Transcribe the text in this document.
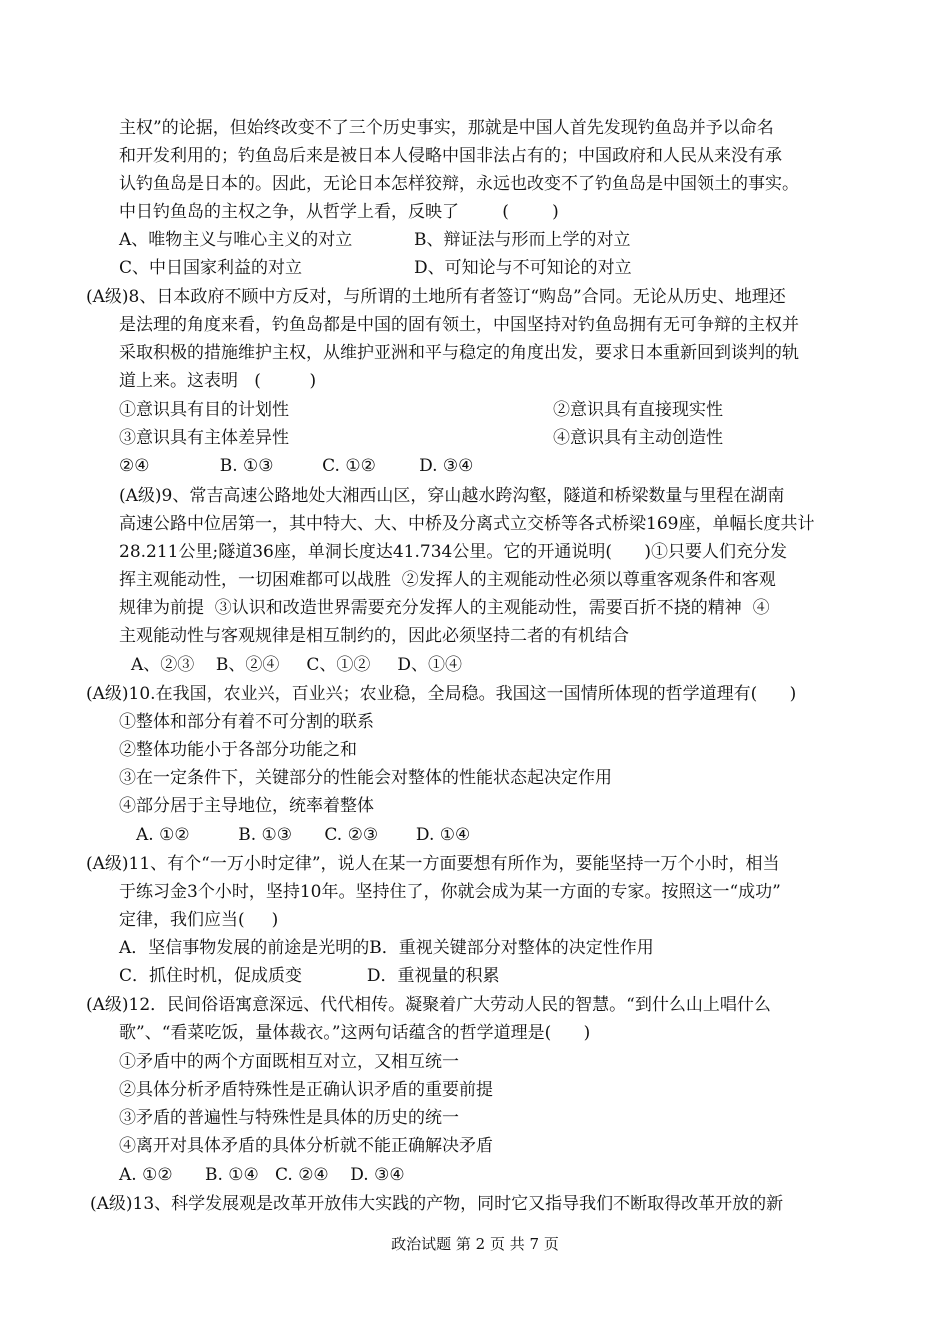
主权”的论据，但始终改变不了三个历史事实，那就是中国人首先发现钓鱼岛并予以命名
和开发利用的；钓鱼岛后来是被日本人侵略中国非法占有的；中国政府和人民从来没有承
认钓鱼岛是日本的。因此，无论日本怎样狡辩，永远也改变不了钓鱼岛是中国领土的事实。
中日钓鱼岛的主权之争，从哲学上看，反映了        (        )
A、唯物主义与唯心主义的对立	B、辩证法与形而上学的对立
C、中日国家利益的对立	D、可知论与不可知论的对立
(A级)8、日本政府不顾中方反对，与所谓的土地所有者签订“购岛”合同。无论从历史、地理还
是法理的角度来看，钓鱼岛都是中国的固有领土，中国坚持对钓鱼岛拥有无可争辩的主权并
采取积极的措施维护主权，从维护亚洲和平与稳定的角度出发，要求日本重新回到谈判的轨
道上来。这表明   (         )
①意识具有目的计划性	②意识具有直接现实性
③意识具有主体差异性	④意识具有主动创造性
②④             B. ①③         C. ①②        D. ③④
(A级)9、常吉高速公路地处大湘西山区，穿山越水跨沟壑，隧道和桥梁数量与里程在湖南
高速公路中位居第一，其中特大、大、中桥及分离式立交桥等各式桥梁169座，单幅长度共计
28.211公里;隧道36座，单洞长度达41.734公里。它的开通说明(      )①只要人们充分发
挥主观能动性，一切困难都可以战胜  ②发挥人的主观能动性必须以尊重客观条件和客观
规律为前提  ③认识和改造世界需要充分发挥人的主观能动性，需要百折不挠的精神  ④
主观能动性与客观规律是相互制约的，因此必须坚持二者的有机结合
A、②③    B、②④     C、①②     D、①④
(A级)10.在我国，农业兴，百业兴；农业稳，全局稳。我国这一国情所体现的哲学道理有(      )
①整体和部分有着不可分割的联系
②整体功能小于各部分功能之和
③在一定条件下，关键部分的性能会对整体的性能状态起决定作用
④部分居于主导地位，统率着整体
A. ①②         B. ①③      C. ②③       D. ①④
(A级)11、有个“一万小时定律”，说人在某一方面要想有所作为，要能坚持一万个小时，相当
于练习金3个小时，坚持10年。坚持住了，你就会成为某一方面的专家。按照这一“成功”
定律，我们应当(     )
A．坚信事物发展的前途是光明的B．重视关键部分对整体的决定性作用
C．抓住时机，促成质变            D．重视量的积累
(A级)12．民间俗语寓意深远、代代相传。凝聚着广大劳动人民的智慧。“到什么山上唱什么
歌”、“看菜吃饭，量体裁衣。”这两句话蕴含的哲学道理是(      )
①矛盾中的两个方面既相互对立，又相互统一
②具体分析矛盾特殊性是正确认识矛盾的重要前提
③矛盾的普遍性与特殊性是具体的历史的统一
④离开对具体矛盾的具体分析就不能正确解决矛盾
A. ①②      B. ①④   C. ②④    D. ③④
(A级)13、科学发展观是改革开放伟大实践的产物，同时它又指导我们不断取得改革开放的新
政治试题 第 2 页 共 7 页
